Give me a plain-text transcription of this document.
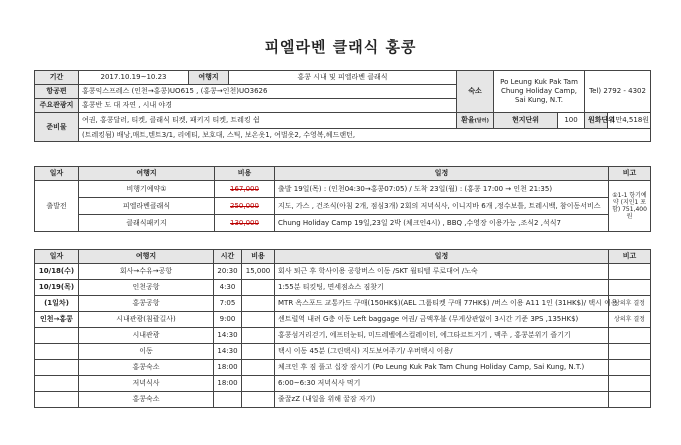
피엘라벤 클래식 홍콩
기간	2017.10.19~10.23	여행지	홍콩 시내 및 피엘라벤 클래식	숙소	Po Leung Kuk Pak Tam
Chung Holiday Camp,
Sai Kung, N.T.		Tel) 2792 - 4302	
항공편	홍콩익스프레스 (인천→홍콩)UO615 , (홍콩→인천)UO3626							
주요관광지	홍콩반 도 대 자연 , 시내 야경							
준비물	여권, 홍콩달러, 티켓, 클래식 티켓, 패키지 티켓, 트레킹 쉼			환율(달러)	현지단위	100	원화단위	1만4,518원
	(트레킹됨) 배낭,매트,텐트3/1, 리에티, 보호대, 스틱, 보온옷1, 여벌옷2, 수영복,헤드랜턴,							
일자	여행지	비용	일정	비고
출발전	비행기예약①	167,000	출발 19일(목) : (인천04:30→홍콩07:05) / 도착 23일(월) : (홍콩 17:00 → 인천 21:35)	①1-1 항기예약 (지인1 포함) 751,400원
	피엘라벤클래식	250,000	지도, 가스 , 건조식(아침 2개, 점심3개) 2회의 저녁식사, 이니지바 6개 ,정수보틀, 트레시백, 참이동서비스	
	클래식패키지	130,000	Chung Holiday Camp 19일,23일 2박 (체크인4시) , BBQ ,수영장 이용가능 ,조식2 ,석식7	
일자	여행지	시간	비용	일정	비고
10/18(수)	회사→수유→공항	20:30	15,000	회사 퇴근 후 학사이용 공항버스 이동 /SKT 월티텔 루로대여 /노숙	
10/19(목)	인천공항	4:30		1:55분 티킷팅, 면세점쇼스 짐찾기	
(1일차)	홍콩공항	7:05		MTR 옥스포드 교통카드 구매(150HK$)(AEL 그룹티켓 구매 77HK$) /버스 이용 A11 1인 (31HK$)/ 택시 이용	상의후 결정
인천→홍콩	시내관광(침괄길사)	9:00		센트럴역 내려 G층 이동 Left baggage 여권/ 금액후불 (무게상관없이 3시간 기준 3PS ,135HK$)	상의후 결정
	시내관광	14:30		홍콩섬거리걷기, 에프터눈티, 미드레벨에스컬레이터, 에그타르트거기 , 맥주 , 홍콩분위기 즐기기	
	이동	14:30		택시 이동 45분 (그린택시) 지도보여주기/ 우버택시 이용/	
	홍콩숙소	18:00		체크인 후 짐 풀고 십장 잠시기 (Po Leung Kuk Pak Tam Chung Holiday Camp, Sai Kung, N.T.)	
	저녁식사	18:00		6:00~6:30 저녁식사 먹기	
	홍콩숙소			줄꿀zZ (내일을 위해 꿀잠 자기)	
